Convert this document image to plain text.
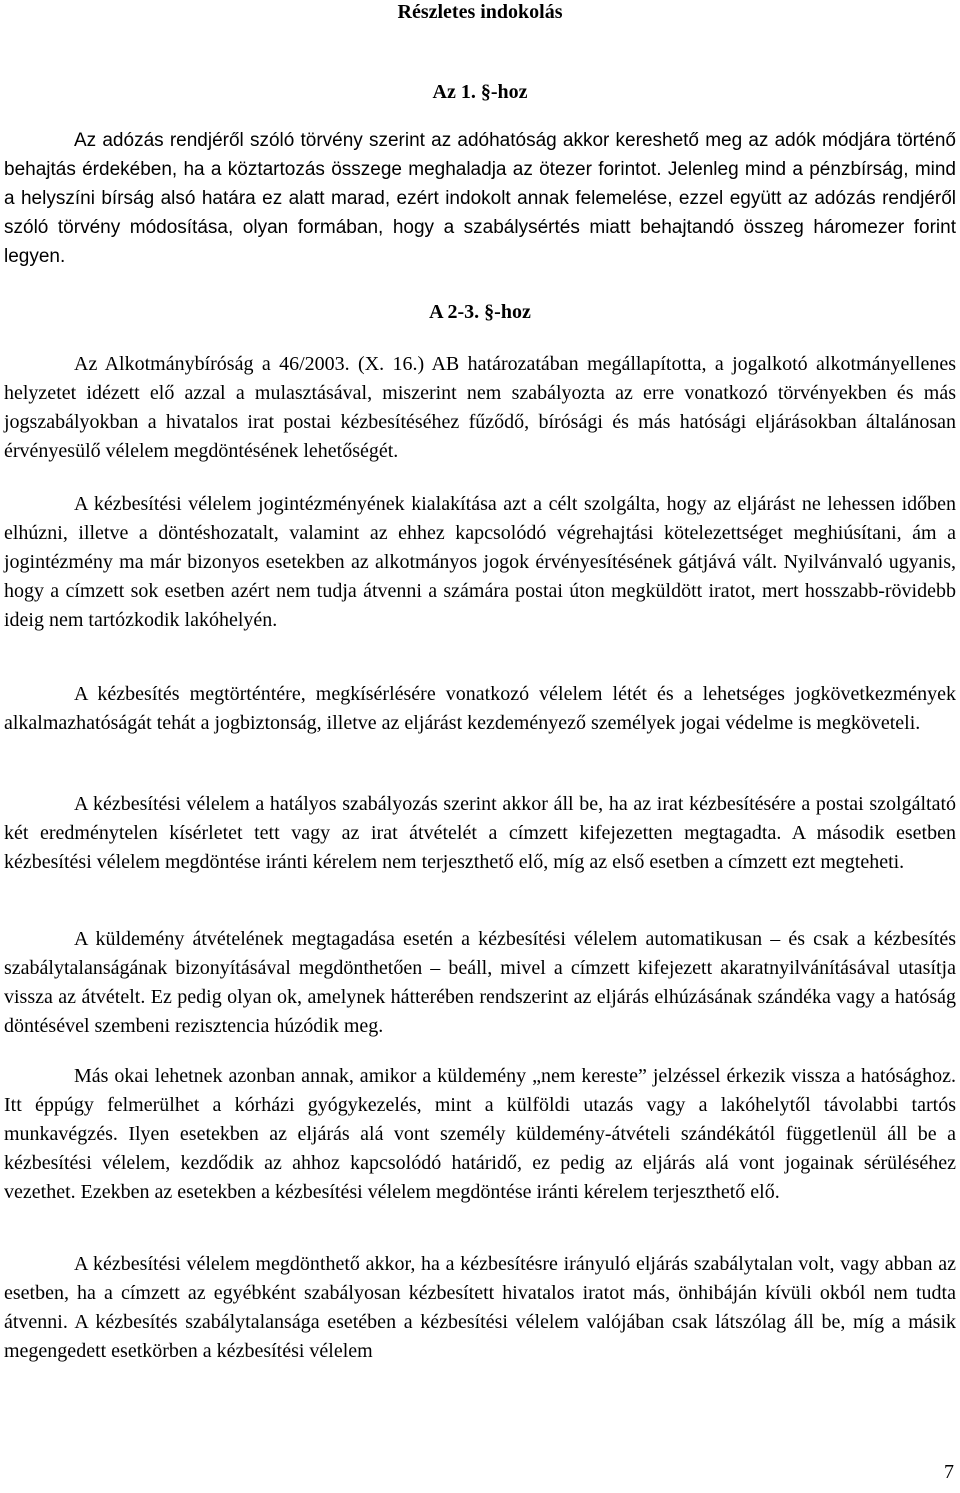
Részletes indokolás
Az 1. §-hoz

Az adózás rendjéről szóló törvény szerint az adóhatóság akkor kereshető meg az adók módjára történő behajtás érdekében, ha a köztartozás összege meghaladja az ötezer forintot. Jelenleg mind a pénzbírság, mind a helyszíni bírság alsó határa ez alatt marad, ezért indokolt annak felemelése, ezzel együtt az adózás rendjéről szóló törvény módosítása, olyan formában, hogy a szabálysértés miatt behajtandó összeg háromezer forint legyen.

A 2-3. §-hoz

Az Alkotmánybíróság a 46/2003. (X. 16.) AB határozatában megállapította, a jogalkotó alkotmányellenes helyzetet idézett elő azzal a mulasztásával, miszerint nem szabályozta az erre vonatkozó törvényekben és más jogszabályokban a hivatalos irat postai kézbesítéséhez fűződő, bírósági és más hatósági eljárásokban általánosan érvényesülő vélelem megdöntésének lehetőségét.

A kézbesítési vélelem jogintézményének kialakítása azt a célt szolgálta, hogy az eljárást ne lehessen időben elhúzni, illetve a döntéshozatalt, valamint az ehhez kapcsolódó végrehajtási kötelezettséget meghiúsítani, ám a jogintézmény ma már bizonyos esetekben az alkotmányos jogok érvényesítésének gátjává vált. Nyilvánvaló ugyanis, hogy a címzett sok esetben azért nem tudja átvenni a számára postai úton megküldött iratot, mert hosszabb-rövidebb ideig nem tartózkodik lakóhelyén.

A kézbesítés megtörténtére, megkísérlésére vonatkozó vélelem létét és a lehetséges jogkövetkezmények alkalmazhatóságát tehát a jogbiztonság, illetve az eljárást kezdeményező személyek jogai védelme is megköveteli.

A kézbesítési vélelem a hatályos szabályozás szerint akkor áll be, ha az irat kézbesítésére a postai szolgáltató két eredménytelen kísérletet tett vagy az irat átvételét a címzett kifejezetten megtagadta. A második esetben kézbesítési vélelem megdöntése iránti kérelem nem terjeszthető elő, míg az első esetben a címzett ezt megteheti.

A küldemény átvételének megtagadása esetén a kézbesítési vélelem automatikusan – és csak a kézbesítés szabálytalanságának bizonyításával megdönthetően – beáll, mivel a címzett kifejezett akaratnyilvánításával utasítja vissza az átvételt. Ez pedig olyan ok, amelynek hátterében rendszerint az eljárás elhúzásának szándéka vagy a hatóság döntésével szembeni rezisztencia húzódik meg.

Más okai lehetnek azonban annak, amikor a küldemény „nem kereste” jelzéssel érkezik vissza a hatósághoz. Itt éppúgy felmerülhet a kórházi gyógykezelés, mint a külföldi utazás vagy a lakóhelytől távolabbi tartós munkavégzés. Ilyen esetekben az eljárás alá vont személy küldemény-átvételi szándékától függetlenül áll be a kézbesítési vélelem, kezdődik az ahhoz kapcsolódó határidő, ez pedig az eljárás alá vont jogainak sérüléséhez vezethet. Ezekben az esetekben a kézbesítési vélelem megdöntése iránti kérelem terjeszthető elő.

A kézbesítési vélelem megdönthető akkor, ha a kézbesítésre irányuló eljárás szabálytalan volt, vagy abban az esetben, ha a címzett az egyébként szabályosan kézbesített hivatalos iratot más, önhibáján kívüli okból nem tudta átvenni. A kézbesítés szabálytalansága esetében a kézbesítési vélelem valójában csak látszólag áll be, míg a másik megengedett esetkörben a kézbesítési vélelem

7
